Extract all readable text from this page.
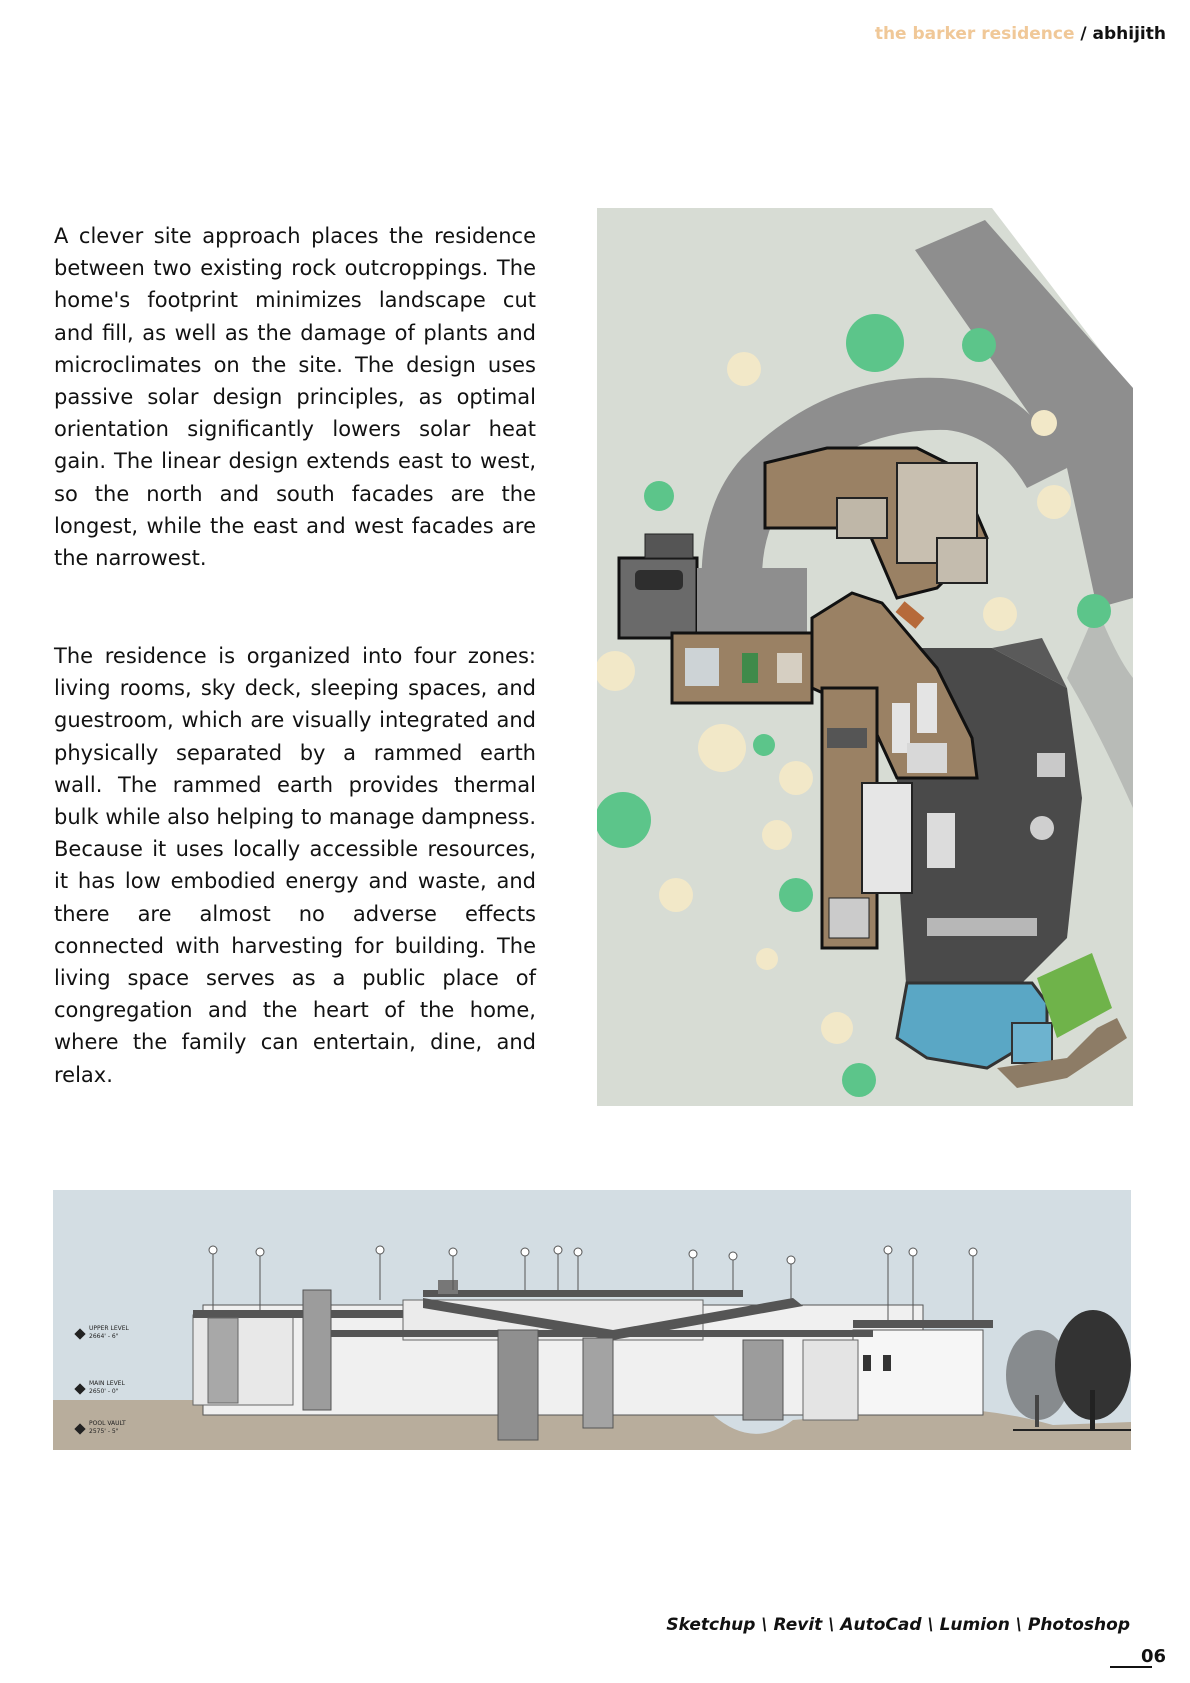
the barker residence / abhijith

A clever site approach places the residence between two existing rock outcroppings. The home's footprint minimizes landscape cut and fill, as well as the damage of plants and microclimates on the site. The design uses passive solar design principles, as optimal orientation significantly lowers solar heat gain. The linear design extends east to west, so the north and south facades are the longest, while the east and west facades are the narrowest.

The residence is organized into four zones: living rooms, sky deck, sleeping spaces, and guestroom, which are visually integrated and physically separated by a rammed earth wall. The rammed earth provides thermal bulk while also helping to manage dampness. Because it uses locally accessible resources, it has low embodied energy and waste, and there are almost no adverse effects connected with harvesting for building. The living space serves as a public place of congregation and the heart of the home, where the family can entertain, dine, and relax.

UPPER LEVEL
2664' - 6"
MAIN LEVEL
2650' - 0"
POOL VAULT
2575' - 5"
Sketchup \ Revit \ AutoCad \ Lumion \ Photoshop
06
